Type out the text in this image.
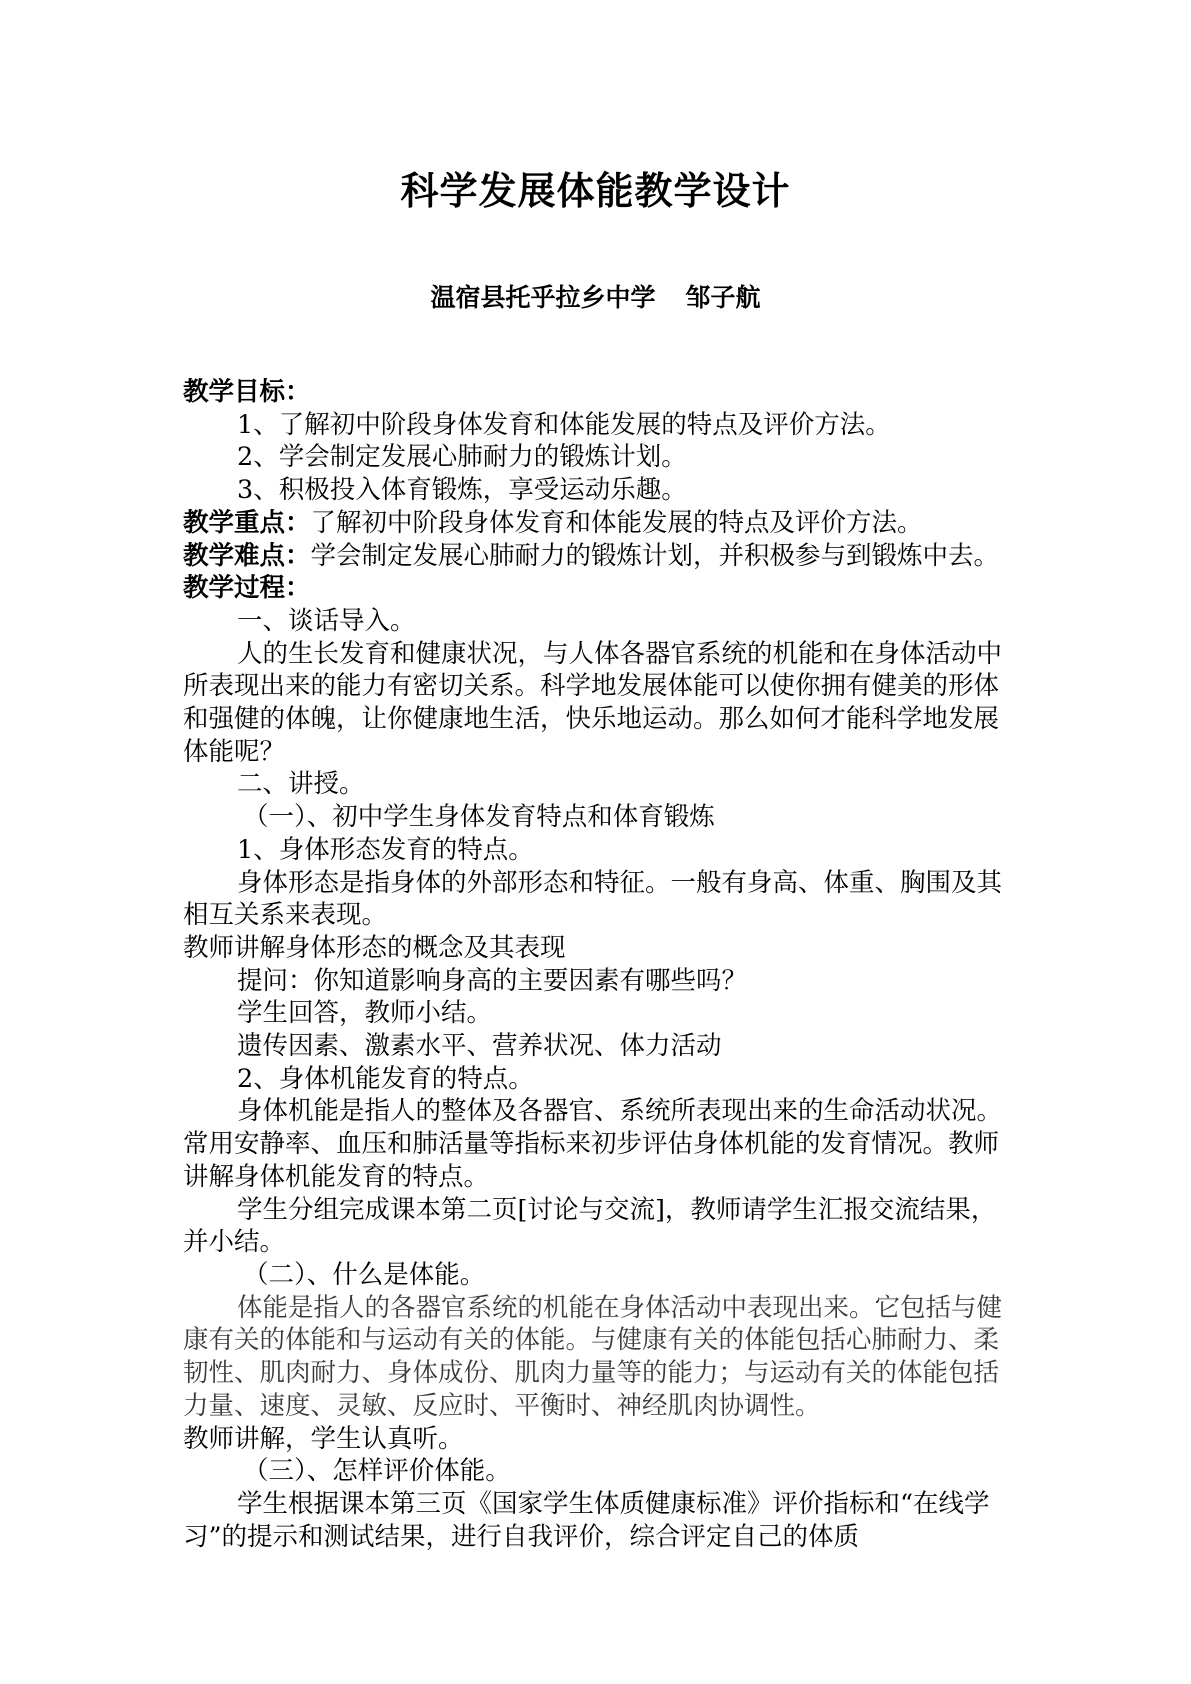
科学发展体能教学设计
温宿县托乎拉乡中学 邹子航

教学目标：

1、了解初中阶段身体发育和体能发展的特点及评价方法。

2、学会制定发展心肺耐力的锻炼计划。

3、积极投入体育锻炼，享受运动乐趣。

教学重点：了解初中阶段身体发育和体能发展的特点及评价方法。

教学难点：学会制定发展心肺耐力的锻炼计划，并积极参与到锻炼中去。

教学过程：

一、谈话导入。

人的生长发育和健康状况，与人体各器官系统的机能和在身体活动中所表现出来的能力有密切关系。科学地发展体能可以使你拥有健美的形体和强健的体魄，让你健康地生活，快乐地运动。那么如何才能科学地发展体能呢？

二、讲授。

（一）、初中学生身体发育特点和体育锻炼

1、身体形态发育的特点。

身体形态是指身体的外部形态和特征。一般有身高、体重、胸围及其相互关系来表现。

教师讲解身体形态的概念及其表现

提问：你知道影响身高的主要因素有哪些吗？

学生回答，教师小结。

遗传因素、激素水平、营养状况、体力活动

2、身体机能发育的特点。

身体机能是指人的整体及各器官、系统所表现出来的生命活动状况。常用安静率、血压和肺活量等指标来初步评估身体机能的发育情况。教师讲解身体机能发育的特点。

学生分组完成课本第二页[讨论与交流]，教师请学生汇报交流结果，并小结。

（二）、什么是体能。

体能是指人的各器官系统的机能在身体活动中表现出来。它包括与健康有关的体能和与运动有关的体能。与健康有关的体能包括心肺耐力、柔韧性、肌肉耐力、身体成份、肌肉力量等的能力；与运动有关的体能包括力量、速度、灵敏、反应时、平衡时、神经肌肉协调性。

教师讲解，学生认真听。

（三）、怎样评价体能。

学生根据课本第三页《国家学生体质健康标准》评价指标和“在线学习”的提示和测试结果，进行自我评价，综合评定自己的体质
